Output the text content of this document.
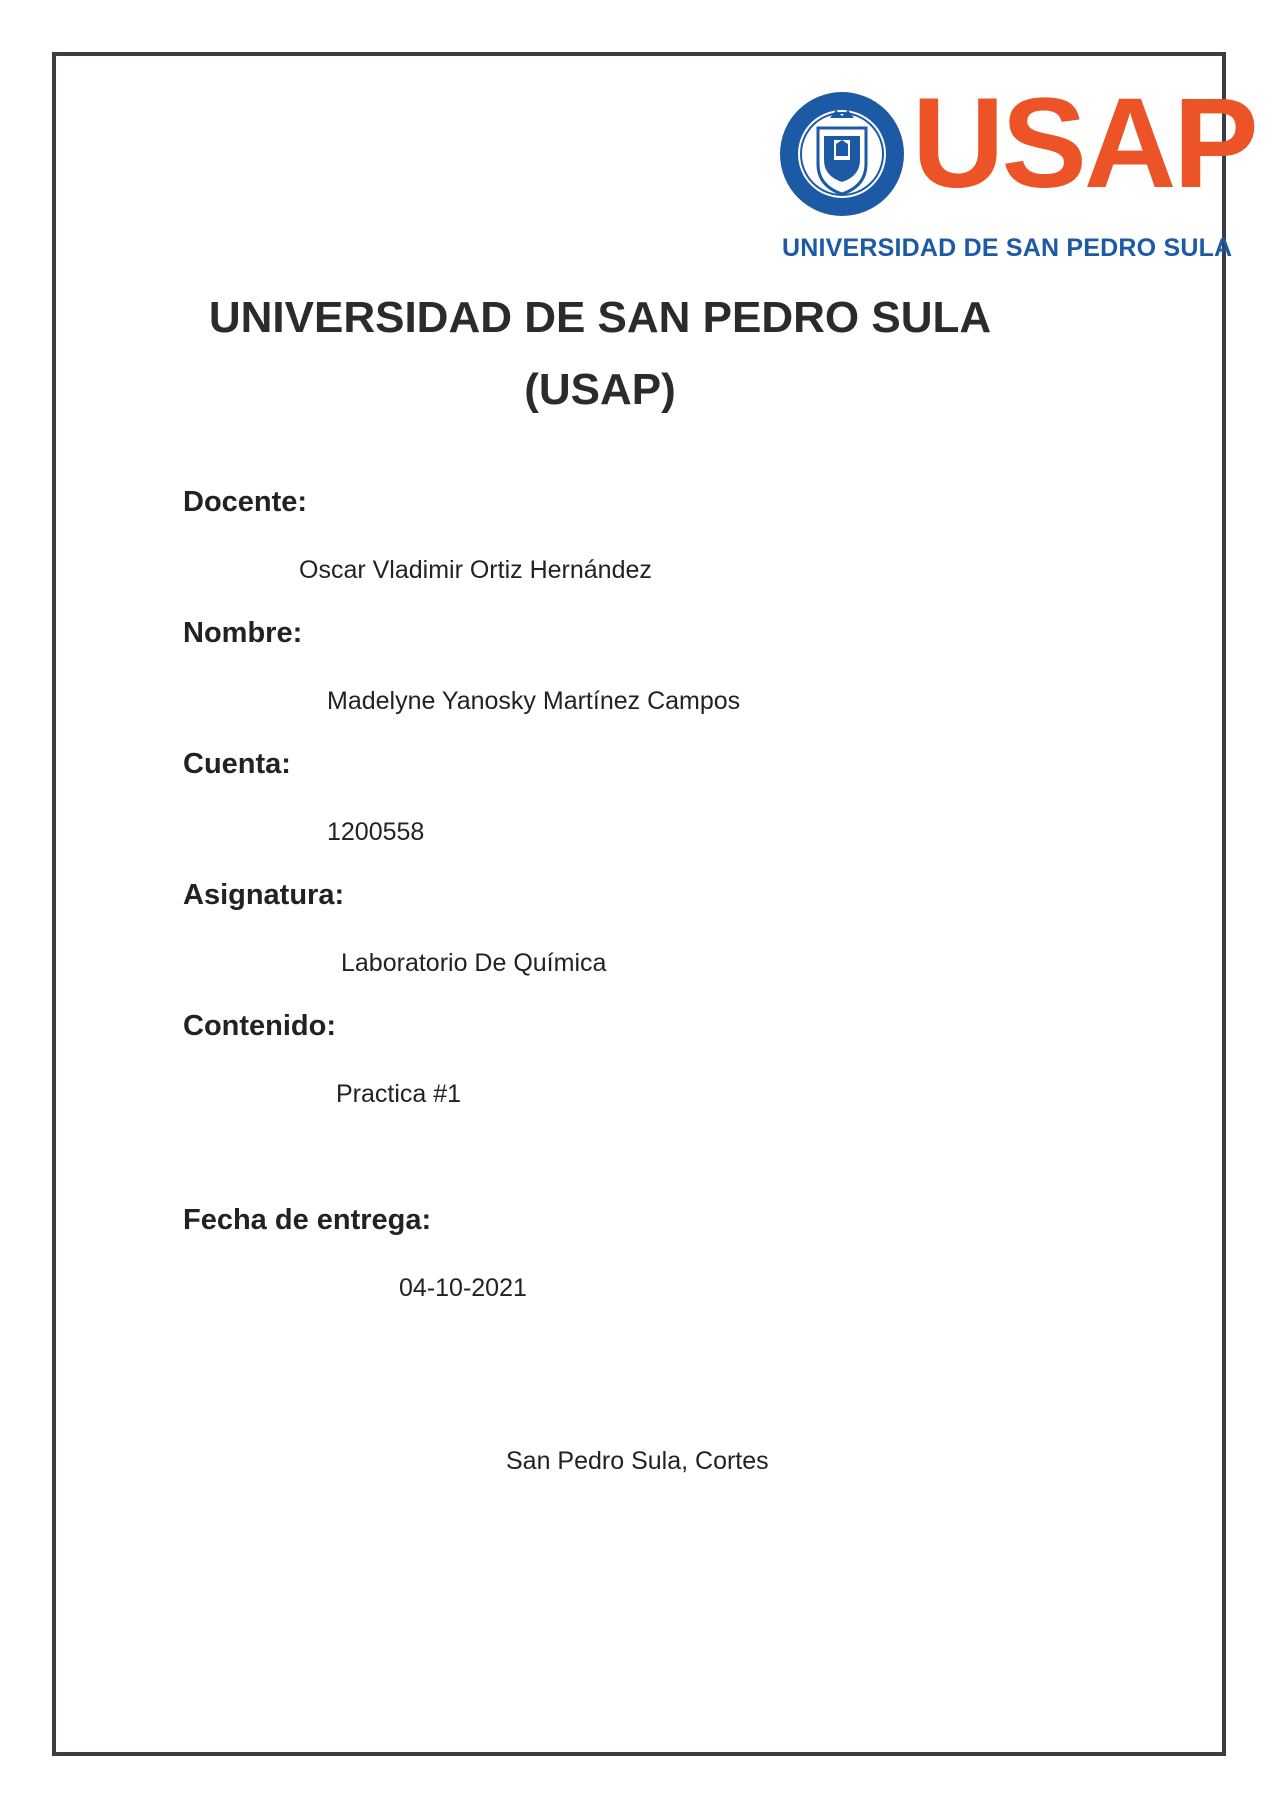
USAP
UNIVERSIDAD DE SAN PEDRO SULA
UNIVERSIDAD DE SAN PEDRO SULA
(USAP)
Docente:
Oscar Vladimir Ortiz Hernández
Nombre:
Madelyne Yanosky Martínez Campos
Cuenta:
1200558
Asignatura:
Laboratorio De Química
Contenido:
Practica #1
Fecha de entrega:
04-10-2021
San Pedro Sula, Cortes
